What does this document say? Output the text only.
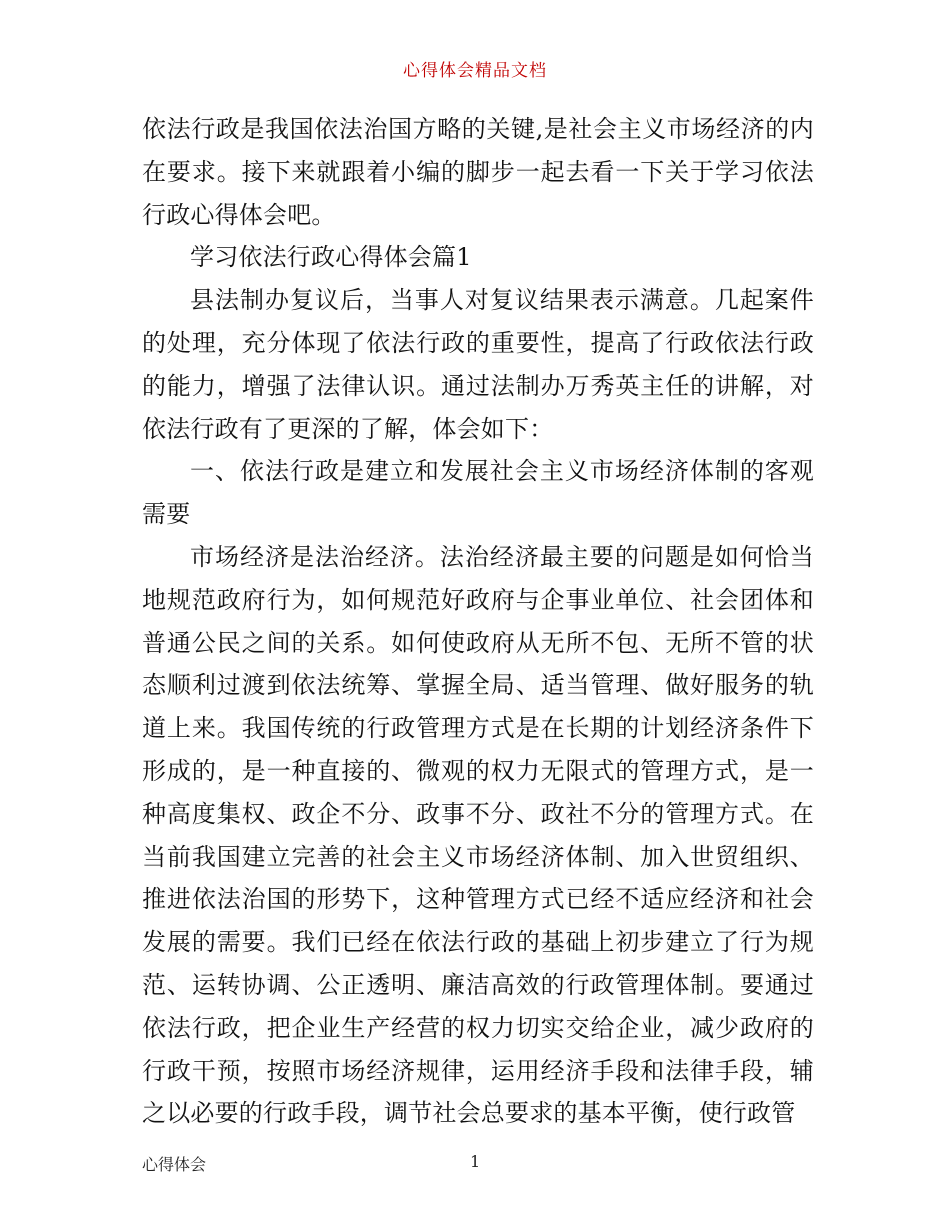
心得体会精品文档

依法行政是我国依法治国方略的关键,是社会主义市场经济的内在要求。接下来就跟着小编的脚步一起去看一下关于学习依法行政心得体会吧。

学习依法行政心得体会篇1

县法制办复议后，当事人对复议结果表示满意。几起案件的处理，充分体现了依法行政的重要性，提高了行政依法行政的能力，增强了法律认识。通过法制办万秀英主任的讲解，对依法行政有了更深的了解，体会如下：

一、依法行政是建立和发展社会主义市场经济体制的客观需要

市场经济是法治经济。法治经济最主要的问题是如何恰当地规范政府行为，如何规范好政府与企事业单位、社会团体和普通公民之间的关系。如何使政府从无所不包、无所不管的状态顺利过渡到依法统筹、掌握全局、适当管理、做好服务的轨道上来。我国传统的行政管理方式是在长期的计划经济条件下形成的，是一种直接的、微观的权力无限式的管理方式，是一种高度集权、政企不分、政事不分、政社不分的管理方式。在当前我国建立完善的社会主义市场经济体制、加入世贸组织、推进依法治国的形势下，这种管理方式已经不适应经济和社会发展的需要。我们已经在依法行政的基础上初步建立了行为规范、运转协调、公正透明、廉洁高效的行政管理体制。要通过依法行政，把企业生产经营的权力切实交给企业，减少政府的行政干预，按照市场经济规律，运用经济手段和法律手段，辅之以必要的行政手段，调节社会总要求的基本平衡，使行政管

心得体会	1
